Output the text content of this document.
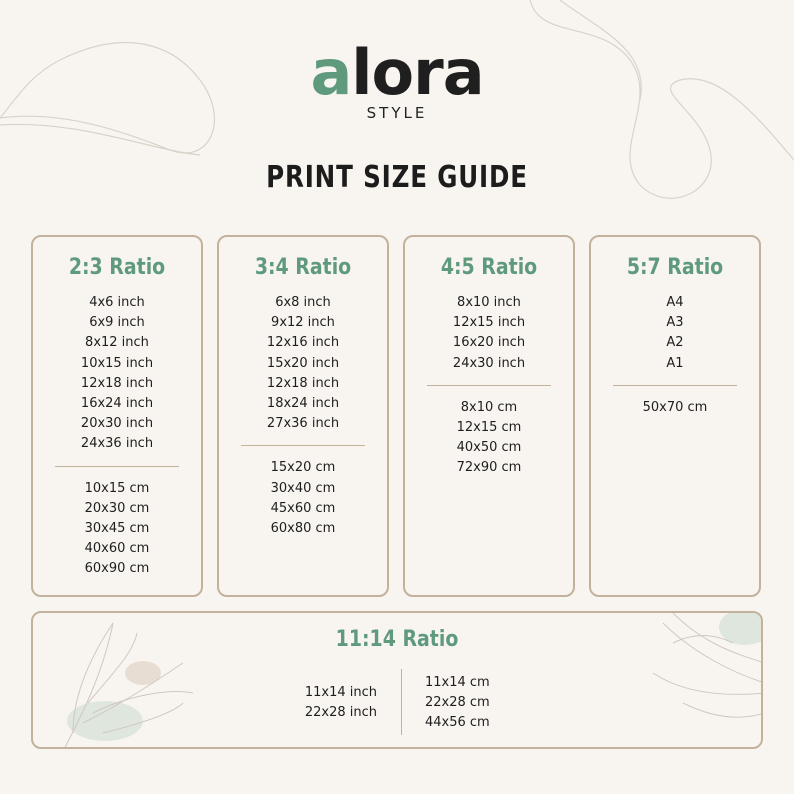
alora
STYLE
PRINT SIZE GUIDE
2:3 Ratio
4x6 inch
6x9 inch
8x12 inch
10x15 inch
12x18 inch
16x24 inch
20x30 inch
24x36 inch
10x15 cm
20x30 cm
30x45 cm
40x60 cm
60x90 cm
3:4 Ratio
6x8 inch
9x12 inch
12x16 inch
15x20 inch
12x18 inch
18x24 inch
27x36 inch
15x20 cm
30x40 cm
45x60 cm
60x80 cm
4:5 Ratio
8x10 inch
12x15 inch
16x20 inch
24x30 inch
8x10 cm
12x15 cm
40x50 cm
72x90 cm
5:7 Ratio
A4
A3
A2
A1
50x70 cm
11:14 Ratio
11x14 inch
22x28 inch
11x14 cm
22x28 cm
44x56 cm
